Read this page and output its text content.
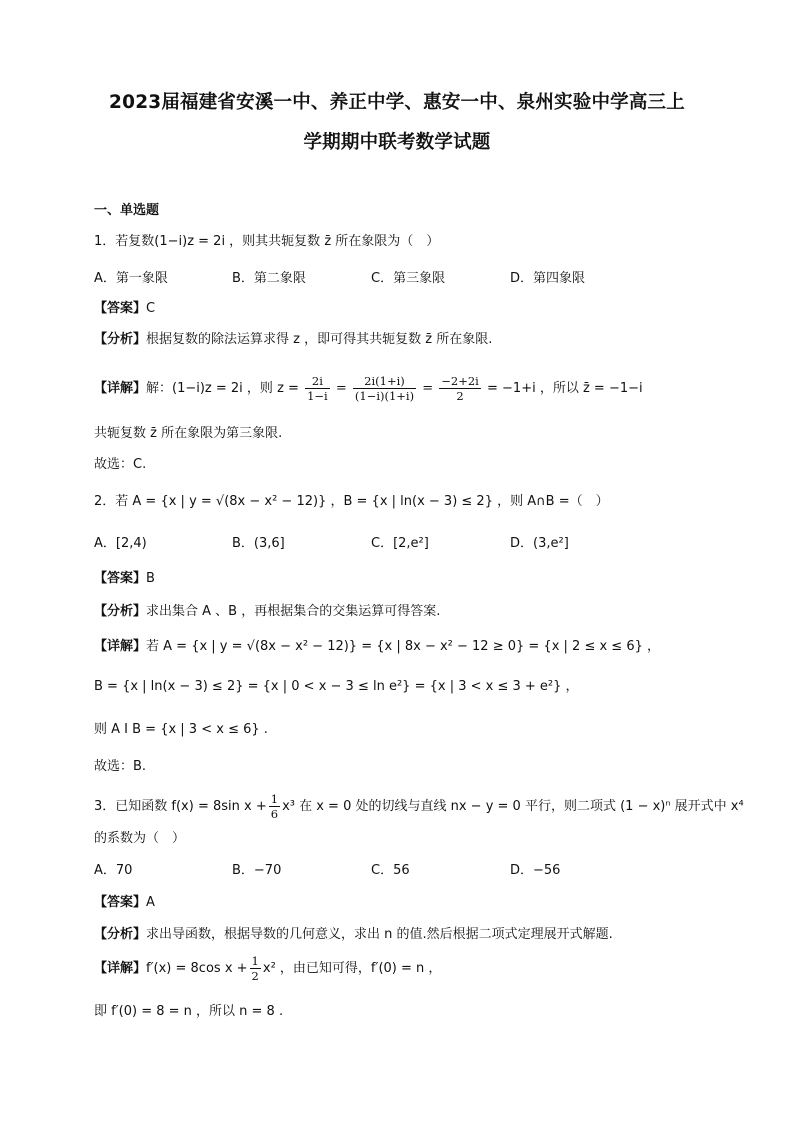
2023届福建省安溪一中、养正中学、惠安一中、泉州实验中学高三上
学期期中联考数学试题
一、单选题
1．若复数(1−i)z = 2i ，则其共轭复数 z̄ 所在象限为（　）
A．第一象限	B．第二象限	C．第三象限	D．第四象限
【答案】C
【分析】根据复数的除法运算求得 z ，即可得其共轭复数 z̄ 所在象限.
【详解】解：(1−i)z = 2i ，则 $z = \frac{2i}{1-i} = \frac{2i(1+i)}{(1-i)(1+i)} = \frac{-2+2i}{2} = -1+i$ ，所以 z̄ = −1−i
共轭复数 z̄ 所在象限为第三象限.
故选：C.
2．若 A = {x | y = √(8x − x² − 12)} ，B = {x | ln(x − 3) ≤ 2} ，则 A∩B =（　）
A．[2,4)	B．(3,6]	C．[2,e²]	D．(3,e²]
【答案】B
【分析】求出集合 A 、B ，再根据集合的交集运算可得答案.
【详解】若 A = {x | y = √(8x − x² − 12)} = {x | 8x − x² − 12 ≥ 0} = {x | 2 ≤ x ≤ 6} ，
B = {x | ln(x − 3) ≤ 2} = {x | 0 < x − 3 ≤ ln e²} = {x | 3 < x ≤ 3 + e²} ，
则 A I B = {x | 3 < x ≤ 6} .
故选：B.
3．已知函数 f(x) = 8sin $x + \frac{1}{6} x^3$ 在 x = 0 处的切线与直线 nx − y = 0 平行，则二项式 (1 − x)ⁿ 展开式中 x⁴
的系数为（　）
A．70	B．−70	C．56	D．−56
【答案】A
【分析】求出导函数，根据导数的几何意义，求出 n 的值.然后根据二项式定理展开式解题.
【详解】f′(x) = 8cos $x + \frac{1}{2} x^2$ ，由已知可得，f′(0) = n ，
即 f′(0) = 8 = n ，所以 n = 8 .
